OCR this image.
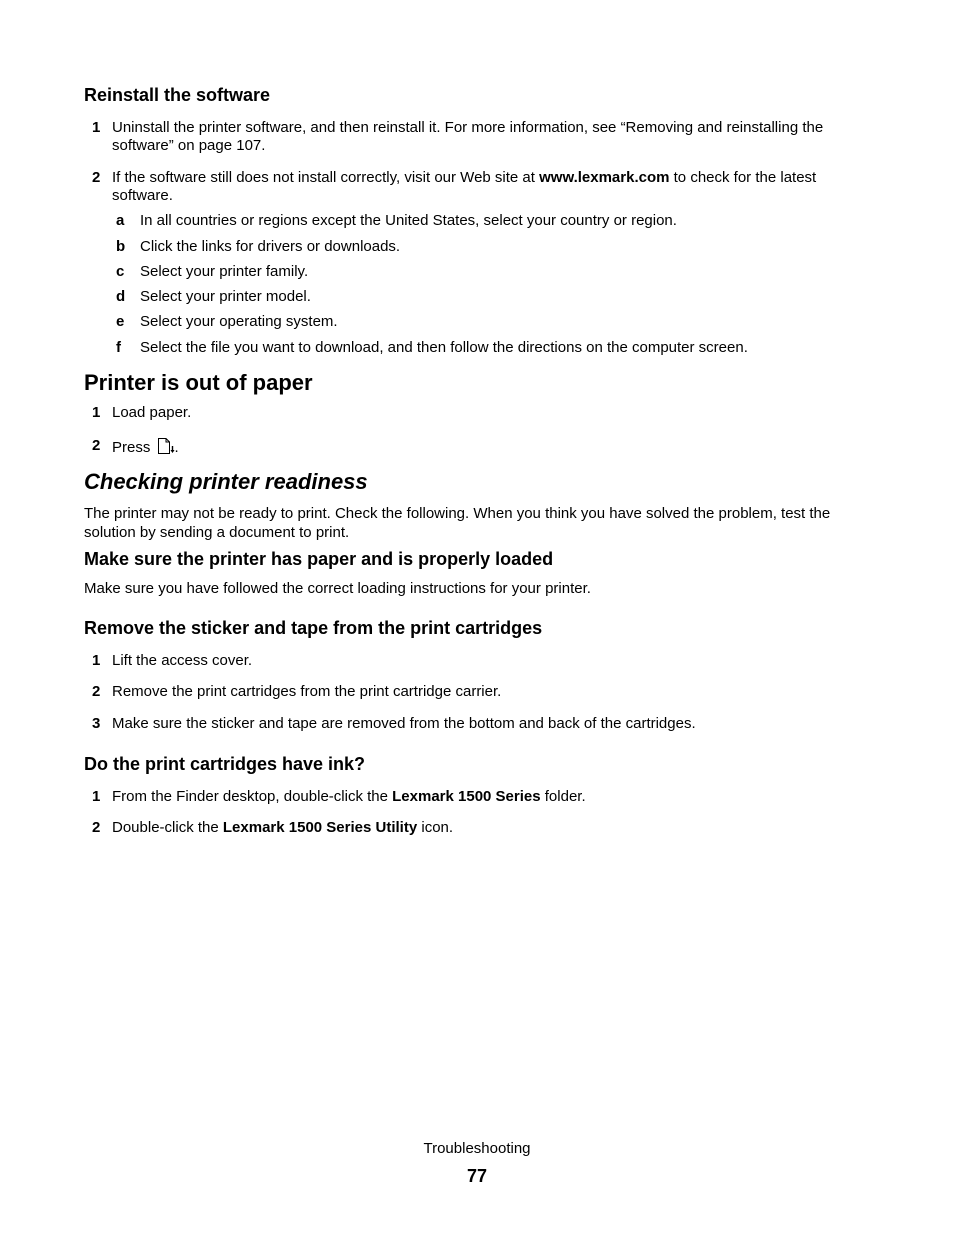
Reinstall the software
1 Uninstall the printer software, and then reinstall it. For more information, see “Removing and reinstalling the software” on page 107.
2 If the software still does not install correctly, visit our Web site at www.lexmark.com to check for the latest software.
a	In all countries or regions except the United States, select your country or region.
b Click the links for drivers or downloads.
c	Select your printer family.
d Select your printer model.
e	Select your operating system.
f	Select the file you want to download, and then follow the directions on the computer screen.
Printer is out of paper
1 Load paper.
2 Press .
Checking printer readiness

The printer may not be ready to print. Check the following. When you think you have solved the problem, test the solution by sending a document to print.

Make sure the printer has paper and is properly loaded

Make sure you have followed the correct loading instructions for your printer.

Remove the sticker and tape from the print cartridges
1 Lift the access cover.
2 Remove the print cartridges from the print cartridge carrier.
3 Make sure the sticker and tape are removed from the bottom and back of the cartridges.
Do the print cartridges have ink?
1 From the Finder desktop, double-click the Lexmark 1500 Series folder.
2 Double-click the Lexmark 1500 Series Utility icon.
Troubleshooting
77
